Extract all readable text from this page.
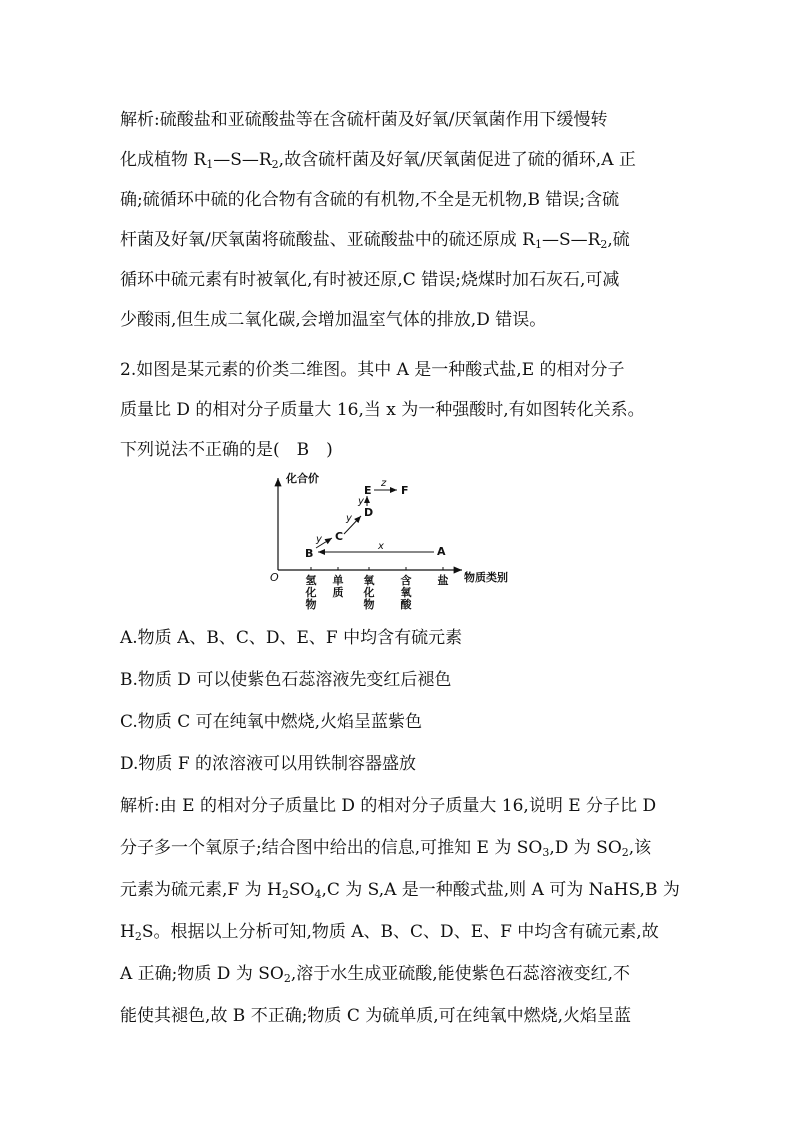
解析:硫酸盐和亚硫酸盐等在含硫杆菌及好氧/厌氧菌作用下缓慢转
化成植物 $R_1—S—R_2$,故含硫杆菌及好氧/厌氧菌促进了硫的循环,A 正
确;硫循环中硫的化合物有含硫的有机物,不全是无机物,B 错误;含硫
杆菌及好氧/厌氧菌将硫酸盐、亚硫酸盐中的硫还原成 $R_1—S—R_2$,硫
循环中硫元素有时被氧化,有时被还原,C 错误;烧煤时加石灰石,可减
少酸雨,但生成二氧化碳,会增加温室气体的排放,D 错误。
2.如图是某元素的价类二维图。其中 A 是一种酸式盐,E 的相对分子
质量比 D 的相对分子质量大 16,当 x 为一种强酸时,有如图转化关系。
下列说法不正确的是(　B　)
化合价
O	物质类别
氢
化
物
单
质
氧
化
物
含
氧
酸
盐
A
B
C
D
E	F
x
y
y
y
z
A.物质 A、B、C、D、E、F 中均含有硫元素
B.物质 D 可以使紫色石蕊溶液先变红后褪色
C.物质 C 可在纯氧中燃烧,火焰呈蓝紫色
D.物质 F 的浓溶液可以用铁制容器盛放
解析:由 E 的相对分子质量比 D 的相对分子质量大 16,说明 E 分子比 D
分子多一个氧原子;结合图中给出的信息,可推知 E 为 $SO_3,D$ 为 $SO_2$,该
元素为硫元素,F 为 $H_2SO_4,C$ 为 S,A 是一种酸式盐,则 A 可为 NaHS,B 为
$H_2S$。根据以上分析可知,物质 A、B、C、D、E、F 中均含有硫元素,故
A 正确;物质 D 为 $SO_2$,溶于水生成亚硫酸,能使紫色石蕊溶液变红,不
能使其褪色,故 B 不正确;物质 C 为硫单质,可在纯氧中燃烧,火焰呈蓝
